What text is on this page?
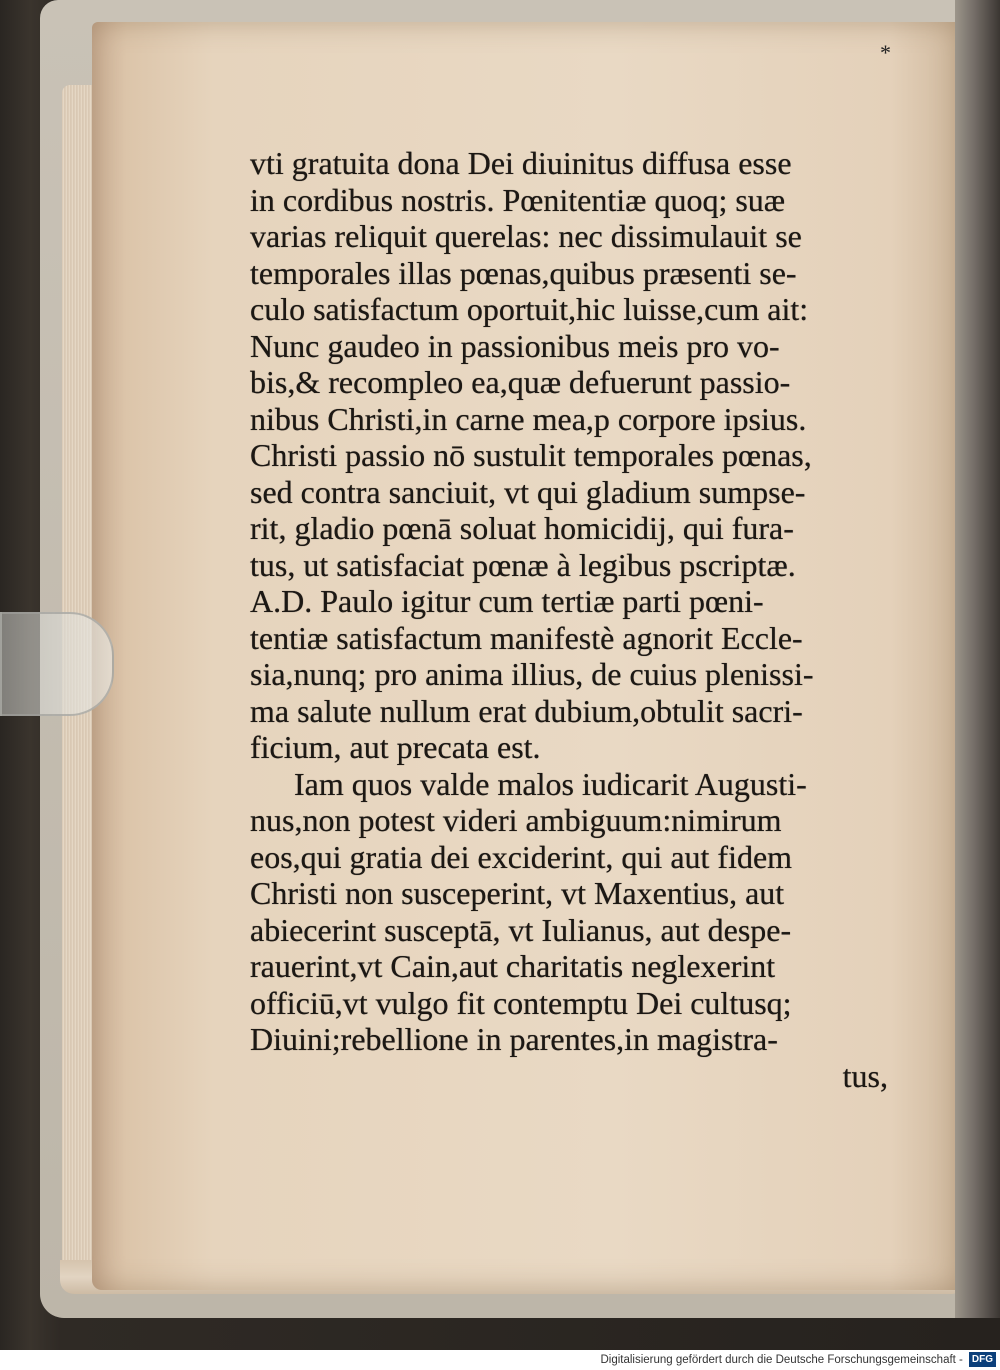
*
vti gratuita dona Dei diuinitus diffusa esse
in cordibus nostris. Pœnitentiæ quoq; suæ
varias reliquit querelas: nec dissimulauit se
temporales illas pœnas,quibus præsenti se-
culo satisfactum oportuit,hic luisse,cum ait:
Nunc gaudeo in passionibus meis pro vo-
bis,& recompleo ea,quæ defuerunt passio-
nibus Christi,in carne mea,p corpore ipsius.
Christi passio nō sustulit temporales pœnas,
sed contra sanciuit, vt qui gladium sumpse-
rit, gladio pœnā soluat homicidij, qui fura-
tus, ut satisfaciat pœnæ à legibus pscriptæ.
A.D. Paulo igitur cum tertiæ parti pœni-
tentiæ satisfactum manifestè agnorit Eccle-
sia,nunq; pro anima illius, de cuius plenissi-
ma salute nullum erat dubium,obtulit sacri-
ficium, aut precata est.
Iam quos valde malos iudicarit Augusti-
nus,non potest videri ambiguum:nimirum
eos,qui gratia dei exciderint, qui aut fidem
Christi non susceperint, vt Maxentius, aut
abiecerint susceptā, vt Iulianus, aut despe-
rauerint,vt Cain,aut charitatis neglexerint
officiū,vt vulgo fit contemptu Dei cultusq;
Diuini;rebellione in parentes,in magistra-
tus,
Digitalisierung gefördert durch die Deutsche Forschungsgemeinschaft - DFG
